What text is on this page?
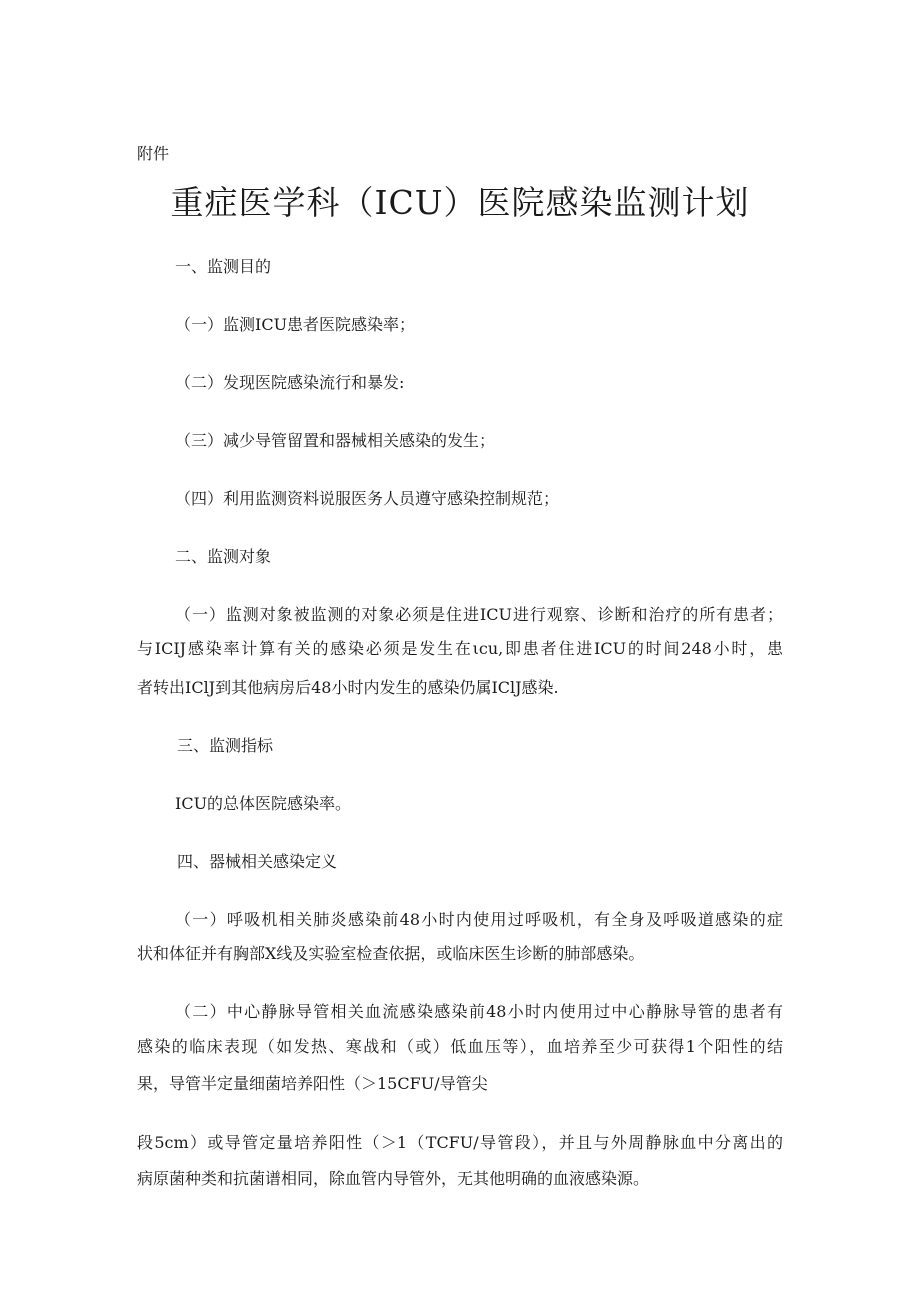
附件
重症医学科（ICU）医院感染监测计划
一、监测目的
（一）监测ICU患者医院感染率；
（二）发现医院感染流行和暴发:
（三）减少导管留置和器械相关感染的发生；
（四）利用监测资料说服医务人员遵守感染控制规范；
二、监测对象
（一）监测对象被监测的对象必须是住进ICU进行观察、诊断和治疗的所有患者；
与ICIJ感染率计算有关的感染必须是发生在ιcu,即患者住进ICU的时间248小时，患
者转出IClJ到其他病房后48小时内发生的感染仍属IClJ感染.
三、监测指标
ICU的总体医院感染率。
四、器械相关感染定义
（一）呼吸机相关肺炎感染前48小时内使用过呼吸机，有全身及呼吸道感染的症
状和体征并有胸部X线及实验室检查依据，或临床医生诊断的肺部感染。
（二）中心静脉导管相关血流感染感染前48小时内使用过中心静脉导管的患者有
感染的临床表现（如发热、寒战和（或）低血压等），血培养至少可获得1个阳性的结
果，导管半定量细菌培养阳性（＞15CFU/导管尖
段5cm）或导管定量培养阳性（＞1（TCFU/导管段），并且与外周静脉血中分离出的
病原菌种类和抗菌谱相同，除血管内导管外，无其他明确的血液感染源。
